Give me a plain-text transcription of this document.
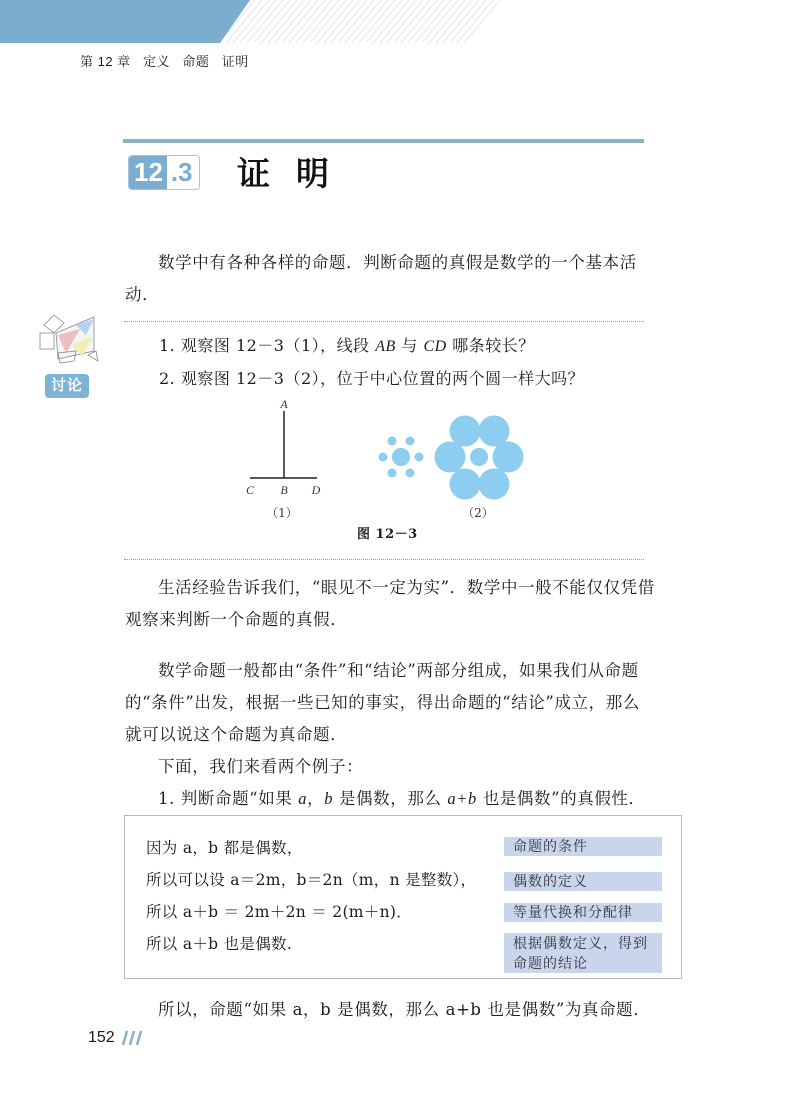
第 12 章   定义   命题   证明
12 .3 证明
数学中有各种各样的命题．判断命题的真假是数学的一个基本活动．
讨论
1. 观察图 12－3（1），线段 AB 与 CD 哪条较长？
2. 观察图 12－3（2），位于中心位置的两个圆一样大吗？
A
C B D
（1）	（2）
图 12－3
生活经验告诉我们，“眼见不一定为实”．数学中一般不能仅仅凭借观察来判断一个命题的真假．
数学命题一般都由“条件”和“结论”两部分组成，如果我们从命题的“条件”出发，根据一些已知的事实，得出命题的“结论”成立，那么就可以说这个命题为真命题．
下面，我们来看两个例子：
1. 判断命题“如果 a，b 是偶数，那么 a+b 也是偶数”的真假性．
因为 a，b 都是偶数，
所以可以设 a＝2m，b＝2n（m，n 是整数），
所以 a＋b ＝ 2m＋2n ＝ 2(m＋n)．
所以 a＋b 也是偶数.
命题的条件
偶数的定义
等量代换和分配律
根据偶数定义，得到命题的结论
所以，命题“如果 a，b 是偶数，那么 a+b 也是偶数”为真命题．
152
